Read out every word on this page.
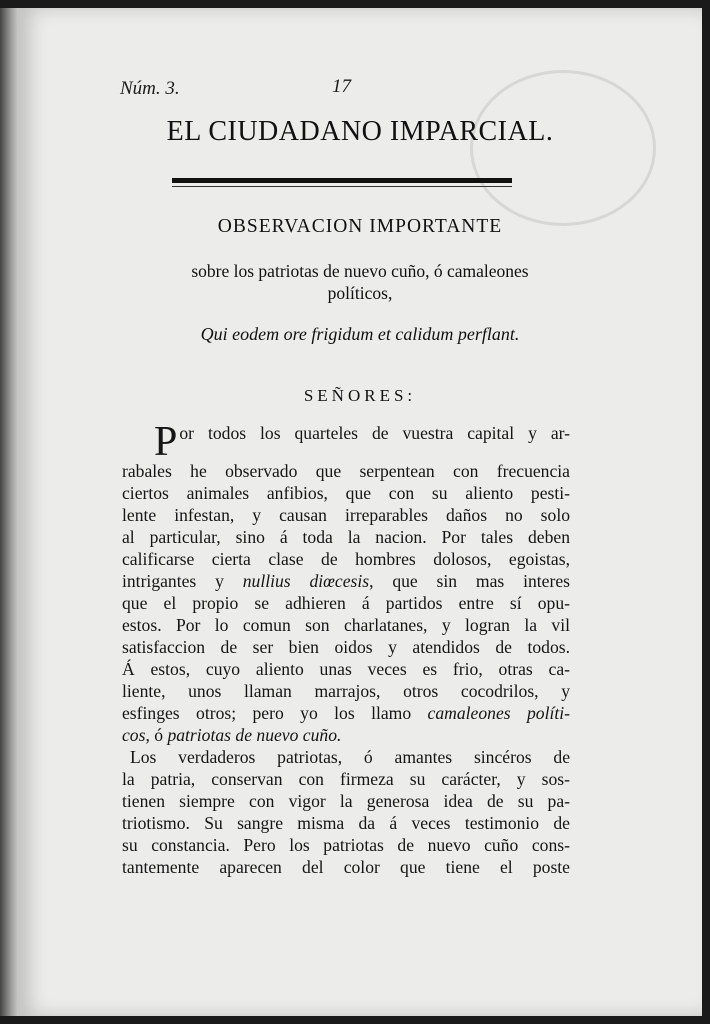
Núm. 3.	17
EL CIUDADANO IMPARCIAL.
OBSERVACION IMPORTANTE
sobre los patriotas de nuevo cuño, ó camaleones
políticos,
Qui eodem ore frigidum et calidum perflant.
SEÑORES:
P or todos los quarteles de vuestra capital y ar-
rabales he observado que serpentean con frecuencia
ciertos animales anfibios, que con su aliento pesti-
lente infestan, y causan irreparables daños no solo
al particular, sino á toda la nacion. Por tales deben
calificarse cierta clase de hombres dolosos, egoistas,
intrigantes y nullius diœcesis, que sin mas interes
que el propio se adhieren á partidos entre sí opu-
estos. Por lo comun son charlatanes, y logran la vil
satisfaccion de ser bien oidos y atendidos de todos.
Á estos, cuyo aliento unas veces es frio, otras ca-
liente, unos llaman marrajos, otros cocodrilos, y
esfinges otros; pero yo los llamo camaleones políti-
cos, ó patriotas de nuevo cuño.
Los verdaderos patriotas, ó amantes sincéros de
la patria, conservan con firmeza su carácter, y sos-
tienen siempre con vigor la generosa idea de su pa-
triotismo. Su sangre misma da á veces testimonio de
su constancia. Pero los patriotas de nuevo cuño cons-
tantemente aparecen del color que tiene el poste
